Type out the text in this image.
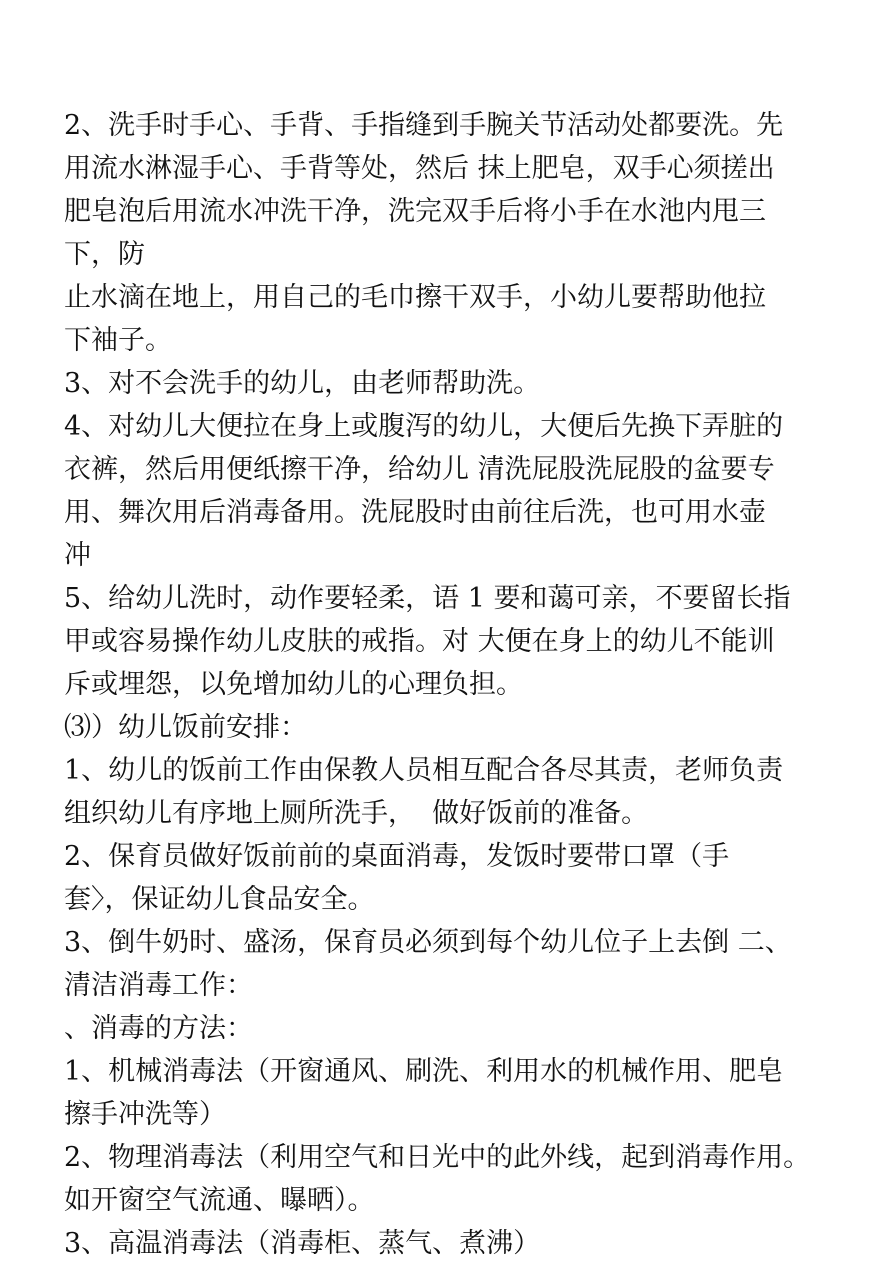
2、洗手时手心、手背、手指缝到手腕关节活动处都要洗。先
用流水淋湿手心、手背等处，然后 抹上肥皂，双手心须搓出
肥皂泡后用流水冲洗干净，洗完双手后将小手在水池内甩三
下，防
止水滴在地上，用自己的毛巾擦干双手，小幼儿要帮助他拉
下袖子。
3、对不会洗手的幼儿，由老师帮助洗。
4、对幼儿大便拉在身上或腹泻的幼儿，大便后先换下弄脏的
衣裤，然后用便纸擦干净，给幼儿 清洗屁股洗屁股的盆要专
用、舞次用后消毒备用。洗屁股时由前往后洗，也可用水壶
冲
5、给幼儿洗时，动作要轻柔，语 1 要和蔼可亲，不要留长指
甲或容易操作幼儿皮肤的戒指。对 大便在身上的幼儿不能训
斥或埋怨，以免增加幼儿的心理负担。
⑶）幼儿饭前安排：
1、幼儿的饭前工作由保教人员相互配合各尽其责，老师负责
组织幼儿有序地上厕所洗手，  做好饭前的准备。
2、保育员做好饭前前的桌面消毒，发饭时要带口罩（手
套〉，保证幼儿食品安全。
3、倒牛奶时、盛汤，保育员必须到每个幼儿位子上去倒 二、
清洁消毒工作：
、消毒的方法：
1、机械消毒法（开窗通风、刷洗、利用水的机械作用、肥皂
擦手冲洗等）
2、物理消毒法（利用空气和日光中的此外线，起到消毒作用。
如开窗空气流通、曝晒）。
3、高温消毒法（消毒柜、蒸气、煮沸）
